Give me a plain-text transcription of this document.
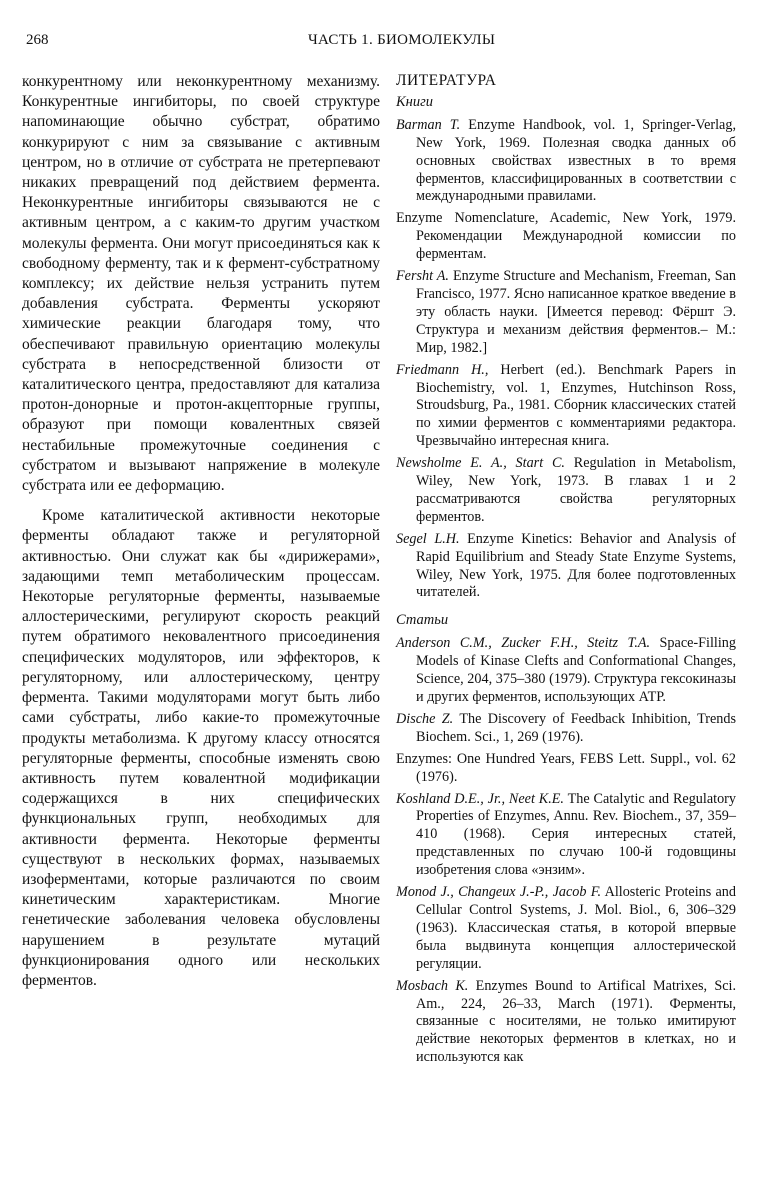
268	ЧАСТЬ 1. БИОМОЛЕКУЛЫ

конкурентному или неконкурентному механизму. Конкурентные ингибиторы, по своей структуре напоминающие обычно субстрат, обратимо конкурируют с ним за связывание с активным центром, но в отличие от субстрата не претерпевают никаких превращений под действием фермента. Неконкурентные ингибиторы связываются не с активным центром, а с каким-то другим участком молекулы фермента. Они могут присоединяться как к свободному ферменту, так и к фермент-субстратному комплексу; их действие нельзя устранить путем добавления субстрата. Ферменты ускоряют химические реакции благодаря тому, что обеспечивают правильную ориентацию молекулы субстрата в непосредственной близости от каталитического центра, предоставляют для катализа протон-донорные и протон-акцепторные группы, образуют при помощи ковалентных связей нестабильные промежуточные соединения с субстратом и вызывают напряжение в молекуле субстрата или ее деформацию.

Кроме каталитической активности некоторые ферменты обладают также и регуляторной активностью. Они служат как бы «дирижерами», задающими темп метаболическим процессам. Некоторые регуляторные ферменты, называемые аллостерическими, регулируют скорость реакций путем обратимого нековалентного присоединения специфических модуляторов, или эффекторов, к регуляторному, или аллостерическому, центру фермента. Такими модуляторами могут быть либо сами субстраты, либо какие-то промежуточные продукты метаболизма. К другому классу относятся регуляторные ферменты, способные изменять свою активность путем ковалентной модификации содержащихся в них специфических функциональных групп, необходимых для активности фермента. Некоторые ферменты существуют в нескольких формах, называемых изоферментами, которые различаются по своим кинетическим характеристикам. Многие генетические заболевания человека обусловлены нарушением в результате мутаций функционирования одного или нескольких ферментов.

ЛИТЕРАТУРА
Книги

Barman T. Enzyme Handbook, vol. 1, Springer-Verlag, New York, 1969. Полезная сводка данных об основных свойствах известных в то время ферментов, классифицированных в соответствии с международными правилами.

Enzyme Nomenclature, Academic, New York, 1979. Рекомендации Международной комиссии по ферментам.

Fersht A. Enzyme Structure and Mechanism, Freeman, San Francisco, 1977. Ясно написанное краткое введение в эту область науки. [Имеется перевод: Фёршт Э. Структура и механизм действия ферментов.– М.: Мир, 1982.]

Friedmann H., Herbert (ed.). Benchmark Papers in Biochemistry, vol. 1, Enzymes, Hutchinson Ross, Stroudsburg, Pa., 1981. Сборник классических статей по химии ферментов с комментариями редактора. Чрезвычайно интересная книга.

Newsholme E. A., Start C. Regulation in Metabolism, Wiley, New York, 1973. В главах 1 и 2 рассматриваются свойства регуляторных ферментов.

Segel L.H. Enzyme Kinetics: Behavior and Analysis of Rapid Equilibrium and Steady State Enzyme Systems, Wiley, New York, 1975. Для более подготовленных читателей.

Статьи

Anderson C.M., Zucker F.H., Steitz T.A. Space-Filling Models of Kinase Clefts and Conformational Changes, Science, 204, 375–380 (1979). Структура гексокиназы и других ферментов, использующих АТР.

Dische Z. The Discovery of Feedback Inhibition, Trends Biochem. Sci., 1, 269 (1976).

Enzymes: One Hundred Years, FEBS Lett. Suppl., vol. 62 (1976).

Koshland D.E., Jr., Neet K.E. The Catalytic and Regulatory Properties of Enzymes, Annu. Rev. Biochem., 37, 359–410 (1968). Серия интересных статей, представленных по случаю 100-й годовщины изобретения слова «энзим».

Monod J., Changeux J.-P., Jacob F. Allosteric Proteins and Cellular Control Systems, J. Mol. Biol., 6, 306–329 (1963). Классическая статья, в которой впервые была выдвинута концепция аллостерической регуляции.

Mosbach K. Enzymes Bound to Artifical Matrixes, Sci. Am., 224, 26–33, March (1971). Ферменты, связанные с носителями, не только имитируют действие некоторых ферментов в клетках, но и используются как
